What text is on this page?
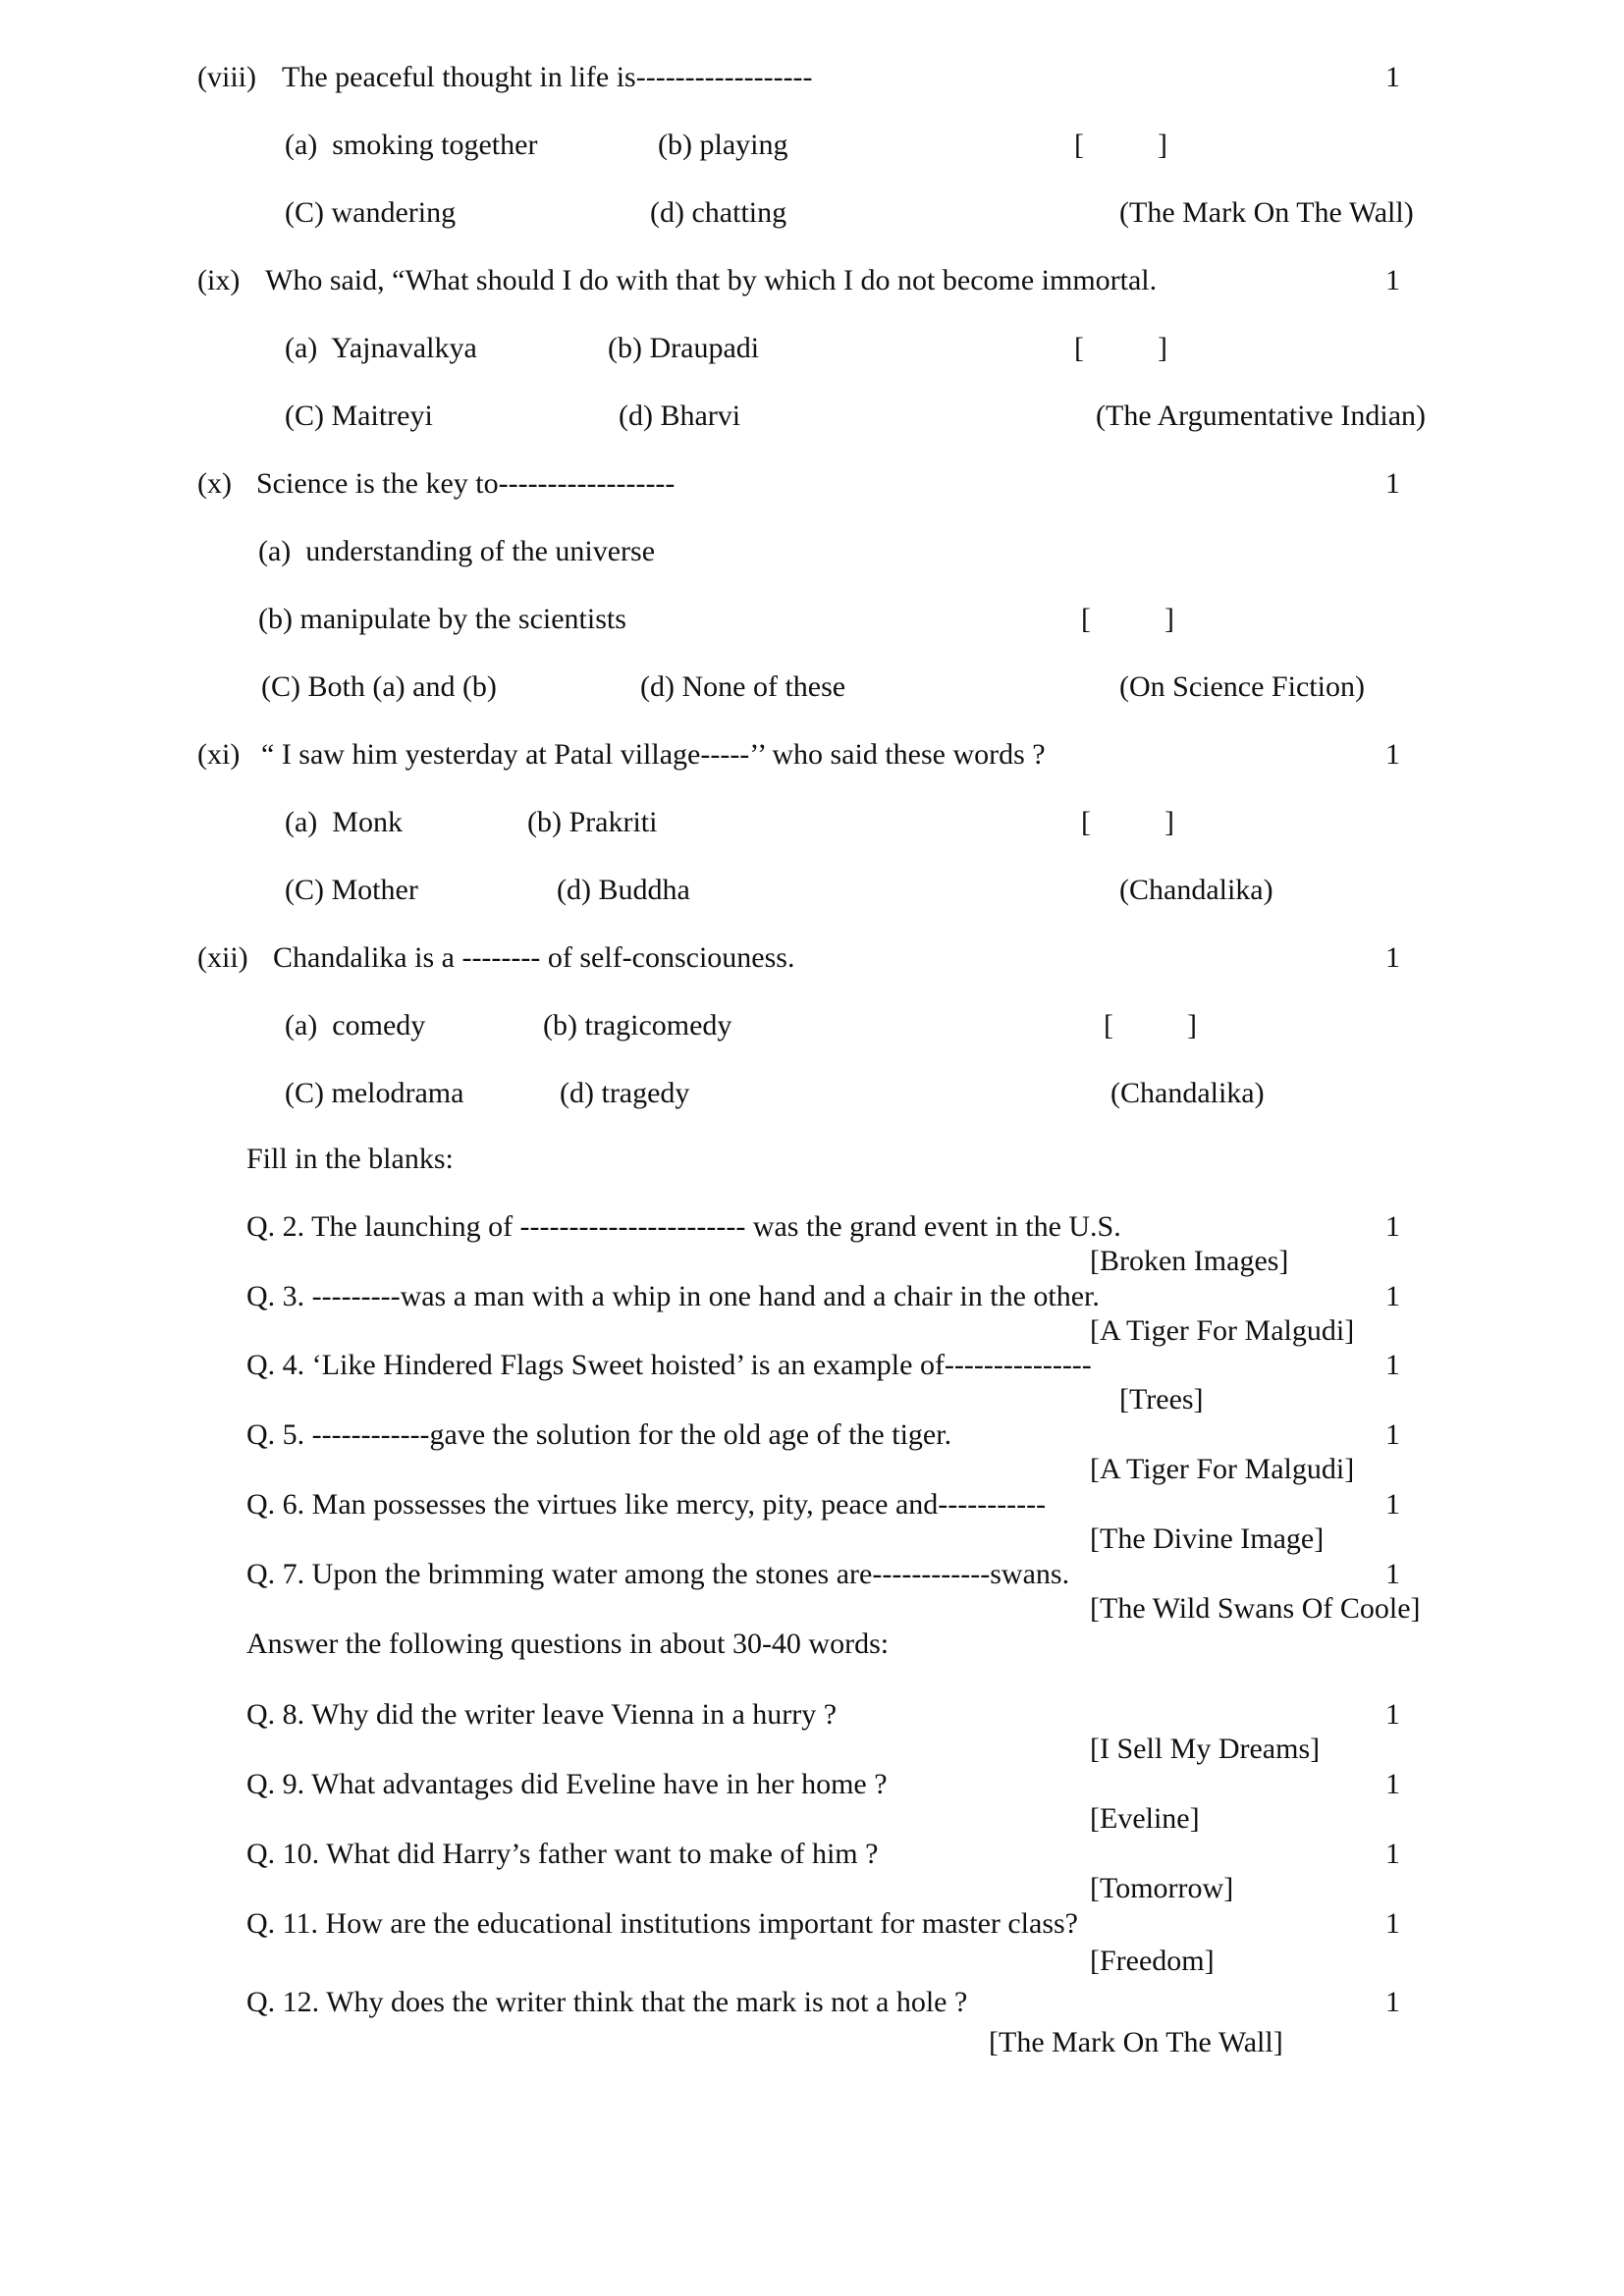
(viii) The peaceful thought in life is------------------	1
(a)  smoking together	(b) playing	[          ]
(C) wandering	(d) chatting	(The Mark On The Wall)
(ix) Who said, “What should I do with that by which I do not become immortal.	1
(a)  Yajnavalkya	(b) Draupadi	[          ]
(C) Maitreyi	(d) Bharvi	(The Argumentative Indian)
(x) Science is the key to------------------	1
(a)  understanding of the universe
(b) manipulate by the scientists	[          ]
(C) Both (a) and (b)	(d) None of these	(On Science Fiction)
(xi) “ I saw him yesterday at Patal village-----’’ who said these words ?	1
(a)  Monk	(b) Prakriti	[          ]
(C) Mother	(d) Buddha	(Chandalika)
(xii) Chandalika is a -------- of self-consciouness.	1
(a)  comedy	(b) tragicomedy	[          ]
(C) melodrama	(d) tragedy	(Chandalika)
Fill in the blanks:
Q. 2. The launching of ----------------------- was the grand event in the U.S.	1
[Broken Images]
Q. 3. ---------was a man with a whip in one hand and a chair in the other.	1
[A Tiger For Malgudi]
Q. 4. ‘Like Hindered Flags Sweet hoisted’ is an example of---------------	1
[Trees]
Q. 5. ------------gave the solution for the old age of the tiger.	1
[A Tiger For Malgudi]
Q. 6. Man possesses the virtues like mercy, pity, peace and-----------	1
[The Divine Image]
Q. 7. Upon the brimming water among the stones are------------swans.	1
[The Wild Swans Of Coole]
Answer the following questions in about 30-40 words:
Q. 8. Why did the writer leave Vienna in a hurry ?	1
[I Sell My Dreams]
Q. 9. What advantages did Eveline have in her home ?	1
[Eveline]
Q. 10. What did Harry’s father want to make of him ?	1
[Tomorrow]
Q. 11. How are the educational institutions important for master class?	1
[Freedom]
Q. 12. Why does the writer think that the mark is not a hole ?	1
[The Mark On The Wall]
